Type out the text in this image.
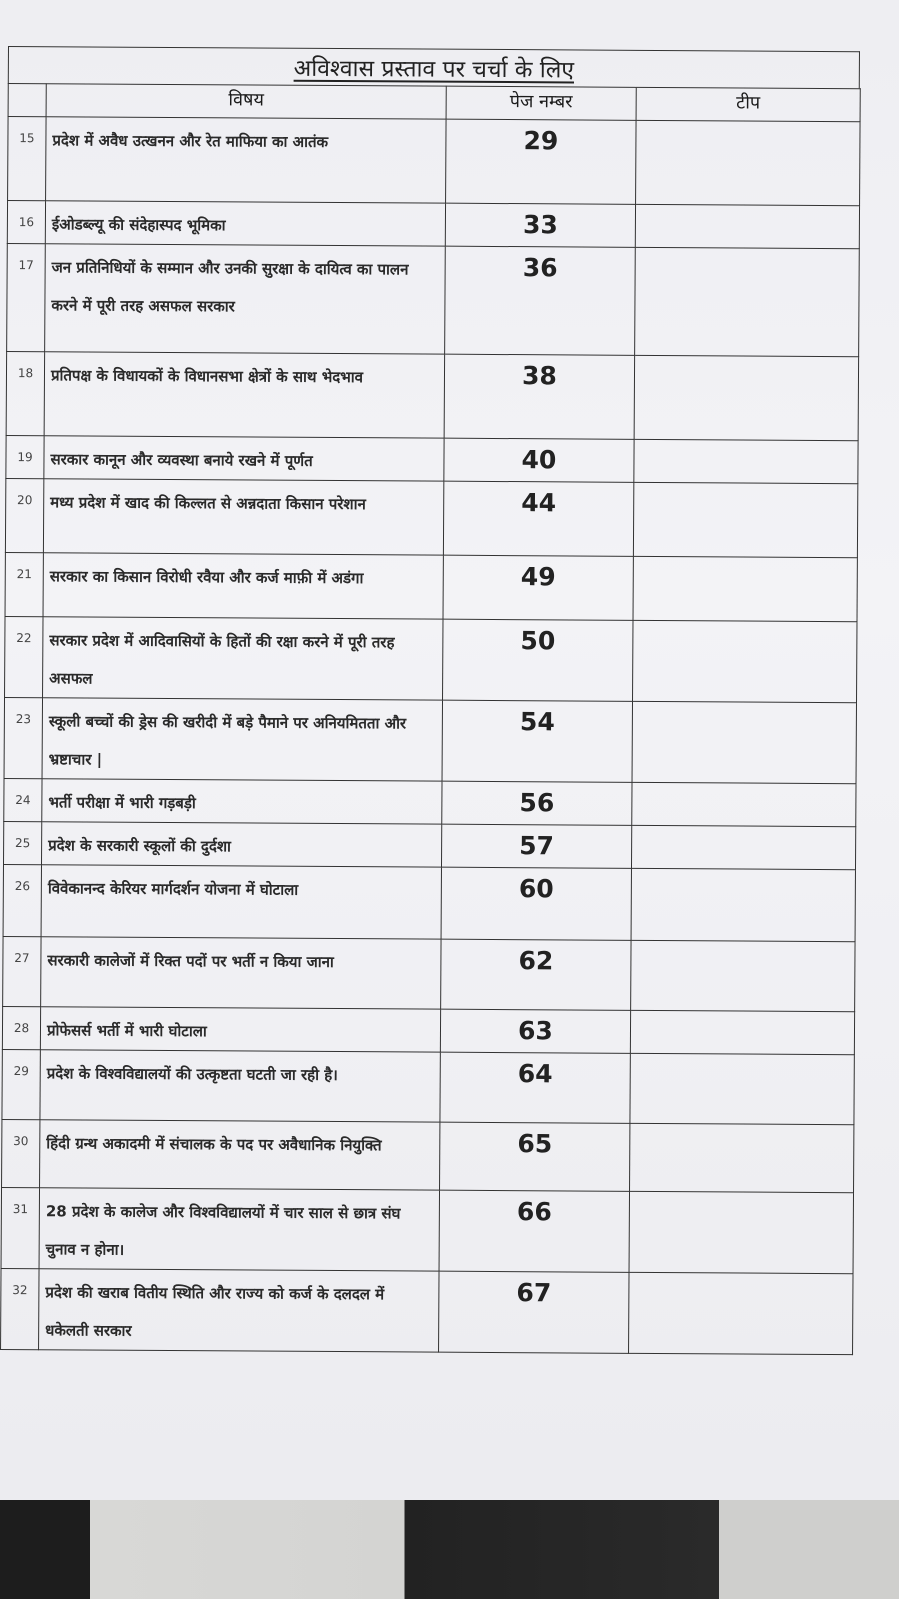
अविश्वास प्रस्ताव पर चर्चा के लिए
	विषय	पेज नम्बर	टीप
15	प्रदेश में अवैध उत्खनन और रेत माफिया का आतंक	29	
16	ईओडब्ल्यू की संदेहास्पद भूमिका	33	
17	जन प्रतिनिधियों के सम्मान और उनकी सुरक्षा के दायित्व का पालन करने में पूरी तरह असफल सरकार	36	
18	प्रतिपक्ष के विधायकों के विधानसभा क्षेत्रों के साथ भेदभाव	38	
19	सरकार कानून और व्यवस्था बनाये रखने में पूर्णत	40	
20	मध्य प्रदेश में खाद की किल्लत से अन्नदाता किसान परेशान	44	
21	सरकार का किसान विरोधी रवैया और कर्ज माफ़ी में अडंगा	49	
22	सरकार प्रदेश में आदिवासियों के हितों की रक्षा करने में पूरी तरह असफल	50	
23	स्कूली बच्चों की ड्रेस की खरीदी में बड़े पैमाने पर अनियमितता और भ्रष्टाचार |	54	
24	भर्ती परीक्षा में भारी गड़बड़ी	56	
25	प्रदेश के सरकारी स्कूलों की दुर्दशा	57	
26	विवेकानन्द केरियर मार्गदर्शन योजना में घोटाला	60	
27	सरकारी कालेजों में रिक्त पदों पर भर्ती न किया जाना	62	
28	प्रोफेसर्स भर्ती में भारी घोटाला	63	
29	प्रदेश के विश्वविद्यालयों की उत्कृष्टता घटती जा रही है।	64	
30	हिंदी ग्रन्थ अकादमी में संचालक के पद पर अवैधानिक नियुक्ति	65	
31	28 प्रदेश के कालेज और विश्वविद्यालयों में चार साल से छात्र संघ चुनाव न होना।	66	
32	प्रदेश की खराब वितीय स्थिति और राज्य को कर्ज के दलदल में धकेलती सरकार	67	
